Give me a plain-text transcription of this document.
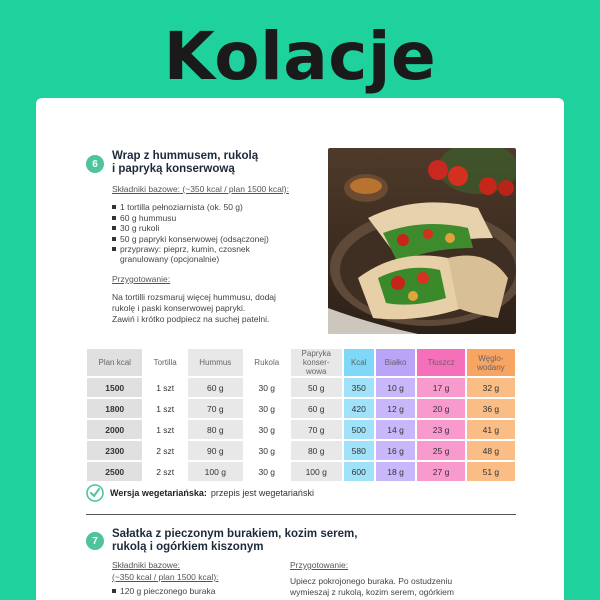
Kolacje
6
Wrap z hummusem, rukolą
i papryką konserwową
Składniki bazowe: (~350 kcal / plan 1500 kcal):
1 tortilla pełnoziarnista (ok. 50 g)
60 g hummusu
30 g rukoli
50 g papryki konserwowej (odsączonej)
przyprawy: pieprz, kumin, czosnek
granulowany (opcjonalnie)
Przygotowanie:
Na tortilli rozsmaruj więcej hummusu, dodaj
rukolę i paski konserwowej papryki.
Zawiń i krótko podpiecz na suchej patelni.
Plan kcal	Tortilla	Hummus	Rukola	Papryka
konser-
wowa	Kcal	Białko	Tłuszcz	Węglo-
wodany
1500	1 szt	60 g	30 g	50 g	350	10 g	17 g	32 g
1800	1 szt	70 g	30 g	60 g	420	12 g	20 g	36 g
2000	1 szt	80 g	30 g	70 g	500	14 g	23 g	41 g
2300	2 szt	90 g	30 g	80 g	580	16 g	25 g	48 g
2500	2 szt	100 g	30 g	100 g	600	18 g	27 g	51 g
Wersja wegetariańska: przepis jest wegetariański
7
Sałatka z pieczonym burakiem, kozim serem,
rukolą i ogórkiem kiszonym
Składniki bazowe:
(~350 kcal / plan 1500 kcal):
120 g pieczonego buraka
Przygotowanie:
Upiecz pokrojonego buraka. Po ostudzeniu
wymieszaj z rukolą, kozim serem, ogórkiem
